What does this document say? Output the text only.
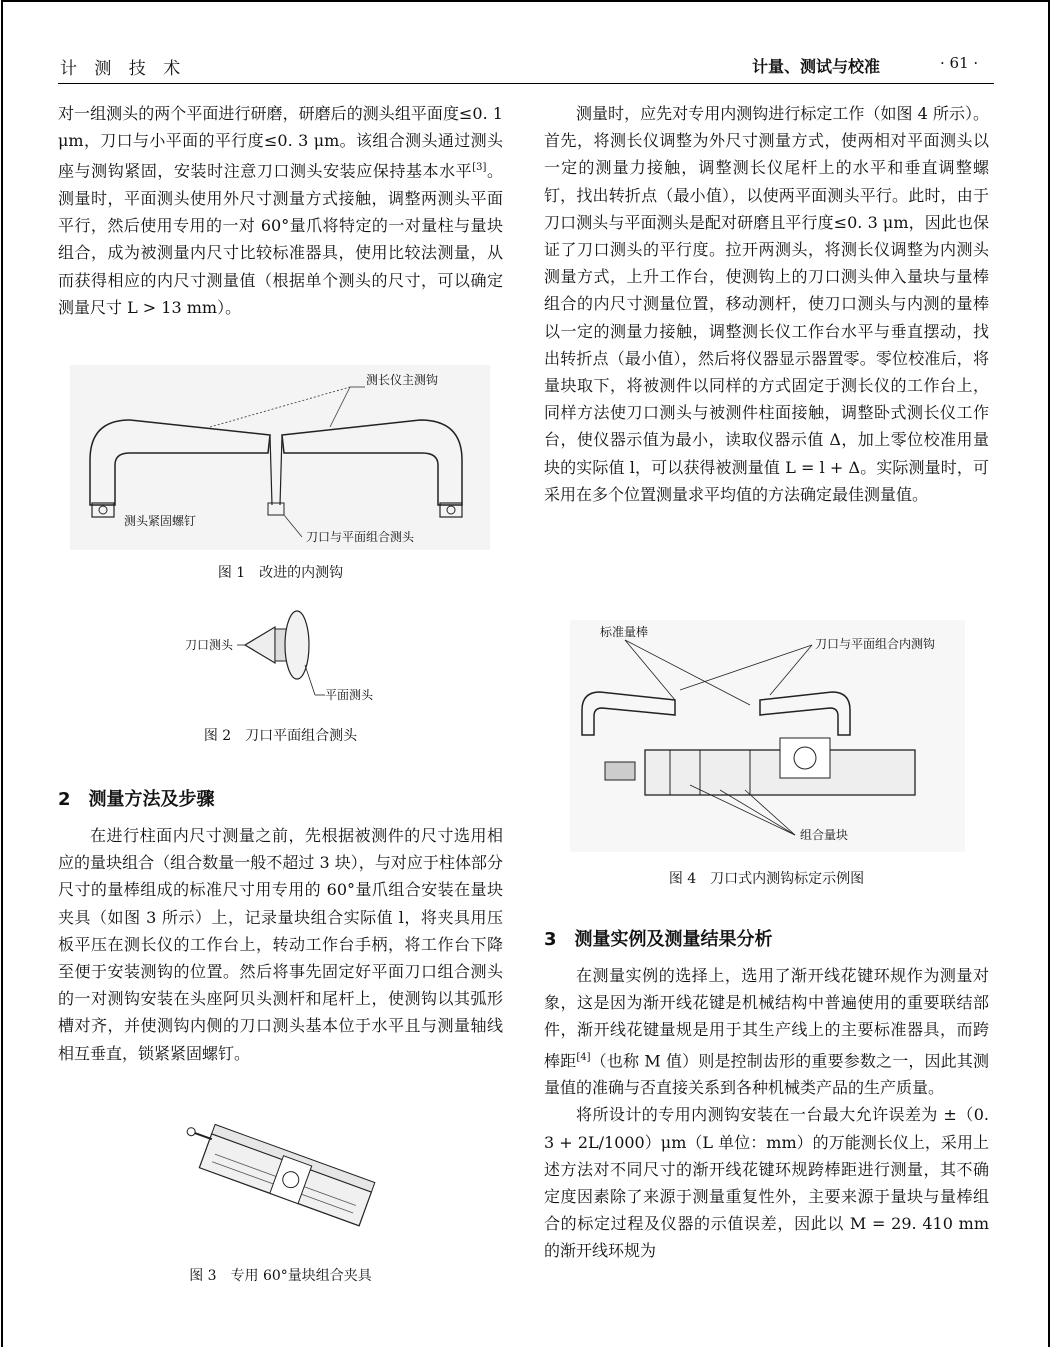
计 测 技 术	计量、测试与校准	· 61 ·

对一组测头的两个平面进行研磨，研磨后的测头组平面度≤0. 1 μm，刀口与小平面的平行度≤0. 3 μm。该组合测头通过测头座与测钩紧固，安装时注意刀口测头安装应保持基本水平[3]。测量时，平面测头使用外尺寸测量方式接触，调整两测头平面平行，然后使用专用的一对 60°量爪将特定的一对量柱与量块组合，成为被测量内尺寸比较标准器具，使用比较法测量，从而获得相应的内尺寸测量值（根据单个测头的尺寸，可以确定测量尺寸 L > 13 mm）。

测长仪主测钩
测头紧固螺钉
刀口与平面组合测头
图 1　改进的内测钩
刀口测头
平面测头
图 2　刀口平面组合测头
2　测量方法及步骤

在进行柱面内尺寸测量之前，先根据被测件的尺寸选用相应的量块组合（组合数量一般不超过 3 块），与对应于柱体部分尺寸的量棒组成的标准尺寸用专用的 60°量爪组合安装在量块夹具（如图 3 所示）上，记录量块组合实际值 l，将夹具用压板平压在测长仪的工作台上，转动工作台手柄，将工作台下降至便于安装测钩的位置。然后将事先固定好平面刀口组合测头的一对测钩安装在头座阿贝头测杆和尾杆上，使测钩以其弧形槽对齐，并使测钩内侧的刀口测头基本位于水平且与测量轴线相互垂直，锁紧紧固螺钉。

图 3　专用 60°量块组合夹具

测量时，应先对专用内测钩进行标定工作（如图 4 所示）。首先，将测长仪调整为外尺寸测量方式，使两相对平面测头以一定的测量力接触，调整测长仪尾杆上的水平和垂直调整螺钉，找出转折点（最小值），以使两平面测头平行。此时，由于刀口测头与平面测头是配对研磨且平行度≤0. 3 μm，因此也保证了刀口测头的平行度。拉开两测头，将测长仪调整为内测头测量方式，上升工作台，使测钩上的刀口测头伸入量块与量棒组合的内尺寸测量位置，移动测杆，使刀口测头与内测的量棒以一定的测量力接触，调整测长仪工作台水平与垂直摆动，找出转折点（最小值），然后将仪器显示器置零。零位校准后，将量块取下，将被测件以同样的方式固定于测长仪的工作台上，同样方法使刀口测头与被测件柱面接触，调整卧式测长仪工作台，使仪器示值为最小，读取仪器示值 Δ，加上零位校准用量块的实际值 l，可以获得被测量值 L = l + Δ。实际测量时，可采用在多个位置测量求平均值的方法确定最佳测量值。

标准量棒
刀口与平面组合内测钩
组合量块
图 4　刀口式内测钩标定示例图
3　测量实例及测量结果分析

在测量实例的选择上，选用了渐开线花键环规作为测量对象，这是因为渐开线花键是机械结构中普遍使用的重要联结部件，渐开线花键量规是用于其生产线上的主要标准器具，而跨棒距[4]（也称 M 值）则是控制齿形的重要参数之一，因此其测量值的准确与否直接关系到各种机械类产品的生产质量。

将所设计的专用内测钩安装在一台最大允许误差为 ±（0. 3 + 2L/1000）μm（L 单位：mm）的万能测长仪上，采用上述方法对不同尺寸的渐开线花键环规跨棒距进行测量，其不确定度因素除了来源于测量重复性外，主要来源于量块与量棒组合的标定过程及仪器的示值误差，因此以 M = 29. 410 mm 的渐开线环规为
